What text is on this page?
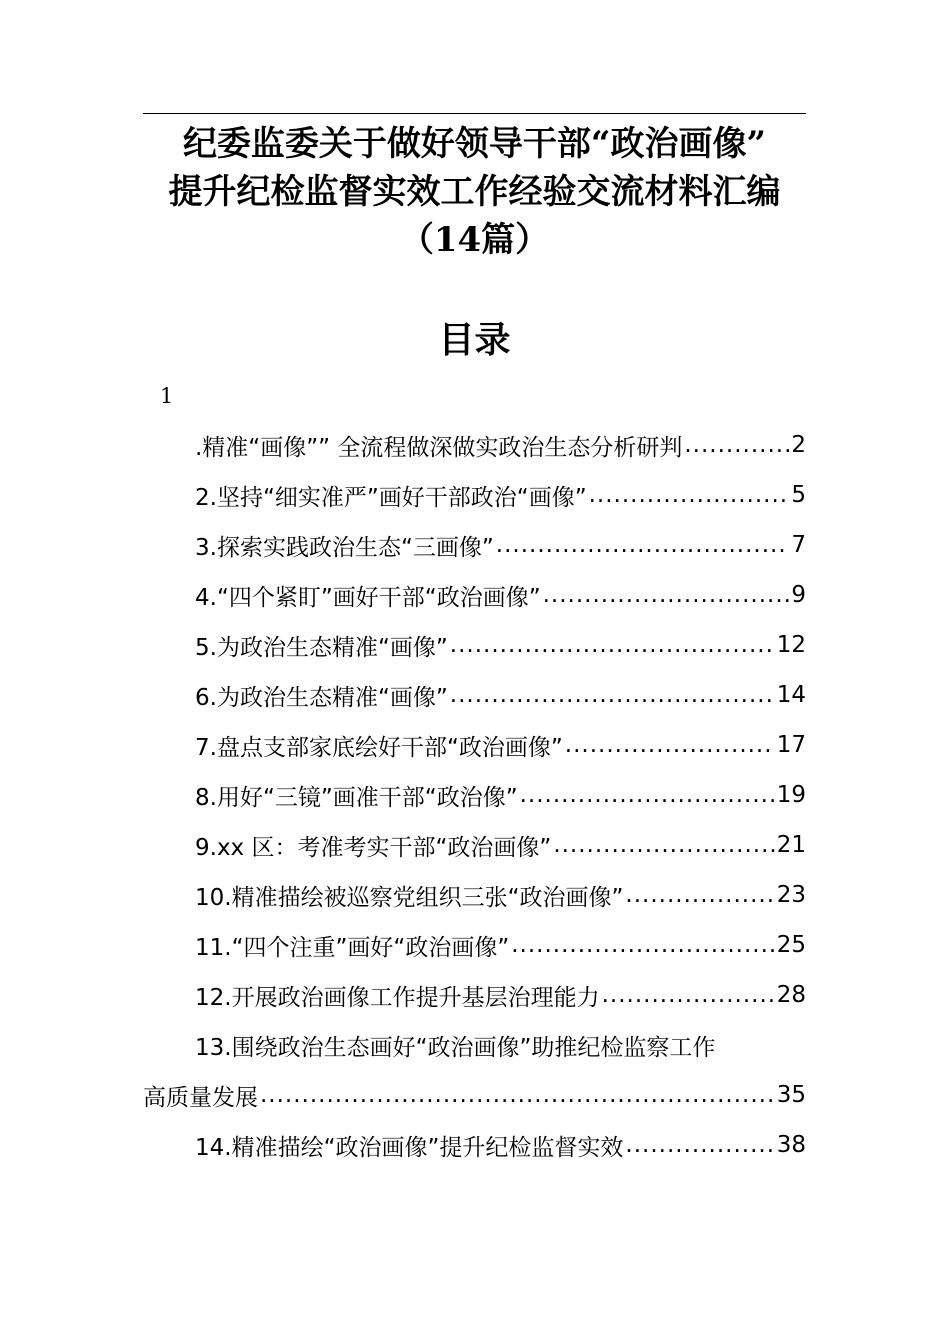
纪委监委关于做好领导干部“政治画像”
提升纪检监督实效工作经验交流材料汇编
（14篇）
目录
1
.精准“画像”” 全流程做深做实政治生态分析研判 .....	2
2.坚持“细实准严”画好干部政治“画像” .....	5
3.探索实践政治生态“三画像” .....	7
4.“四个紧盯”画好干部“政治画像” .....	9
5.为政治生态精准“画像” .....	12
6.为政治生态精准“画像” .....	14
7.盘点支部家底绘好干部“政治画像” .....	17
8.用好“三镜”画准干部“政治像” .....	19
9.xx 区：考准考实干部“政治画像” .....	21
10.精准描绘被巡察党组织三张“政治画像” .....	23
11.“四个注重”画好“政治画像” .....	25
12.开展政治画像工作提升基层治理能力 .....	28
13.围绕政治生态画好“政治画像”助推纪检监察工作
高质量发展 .....	35
14.精准描绘“政治画像”提升纪检监督实效 .....	38
